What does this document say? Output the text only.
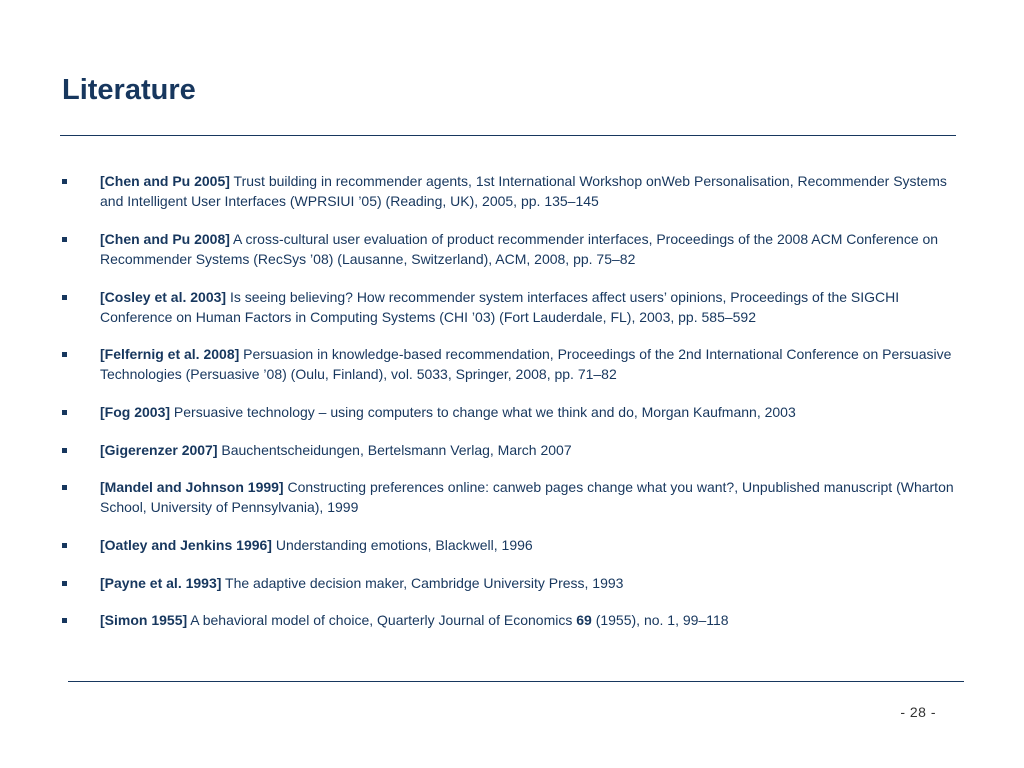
Literature
[Chen and Pu 2005] Trust building in recommender agents, 1st International Workshop onWeb Personalisation, Recommender Systems and Intelligent User Interfaces (WPRSIUI ’05) (Reading, UK), 2005, pp. 135–145
[Chen and Pu 2008] A cross-cultural user evaluation of product recommender interfaces, Proceedings of the 2008 ACM Conference on Recommender Systems (RecSys ’08) (Lausanne, Switzerland), ACM, 2008, pp. 75–82
[Cosley et al. 2003] Is seeing believing? How recommender system interfaces affect users’ opinions, Proceedings of the SIGCHI Conference on Human Factors in Computing Systems (CHI ’03) (Fort Lauderdale, FL), 2003, pp. 585–592
[Felfernig et al. 2008] Persuasion in knowledge-based recommendation, Proceedings of the 2nd International Conference on Persuasive Technologies (Persuasive ’08) (Oulu, Finland), vol. 5033, Springer, 2008, pp. 71–82
[Fog 2003] Persuasive technology – using computers to change what we think and do, Morgan Kaufmann, 2003
[Gigerenzer 2007] Bauchentscheidungen, Bertelsmann Verlag, March 2007
[Mandel and Johnson 1999] Constructing preferences online: canweb pages change what you want?, Unpublished manuscript (Wharton School, University of Pennsylvania), 1999
[Oatley and Jenkins 1996] Understanding emotions, Blackwell, 1996
[Payne et al. 1993] The adaptive decision maker, Cambridge University Press, 1993
[Simon 1955] A behavioral model of choice, Quarterly Journal of Economics 69 (1955), no. 1, 99–118
- 28 -
